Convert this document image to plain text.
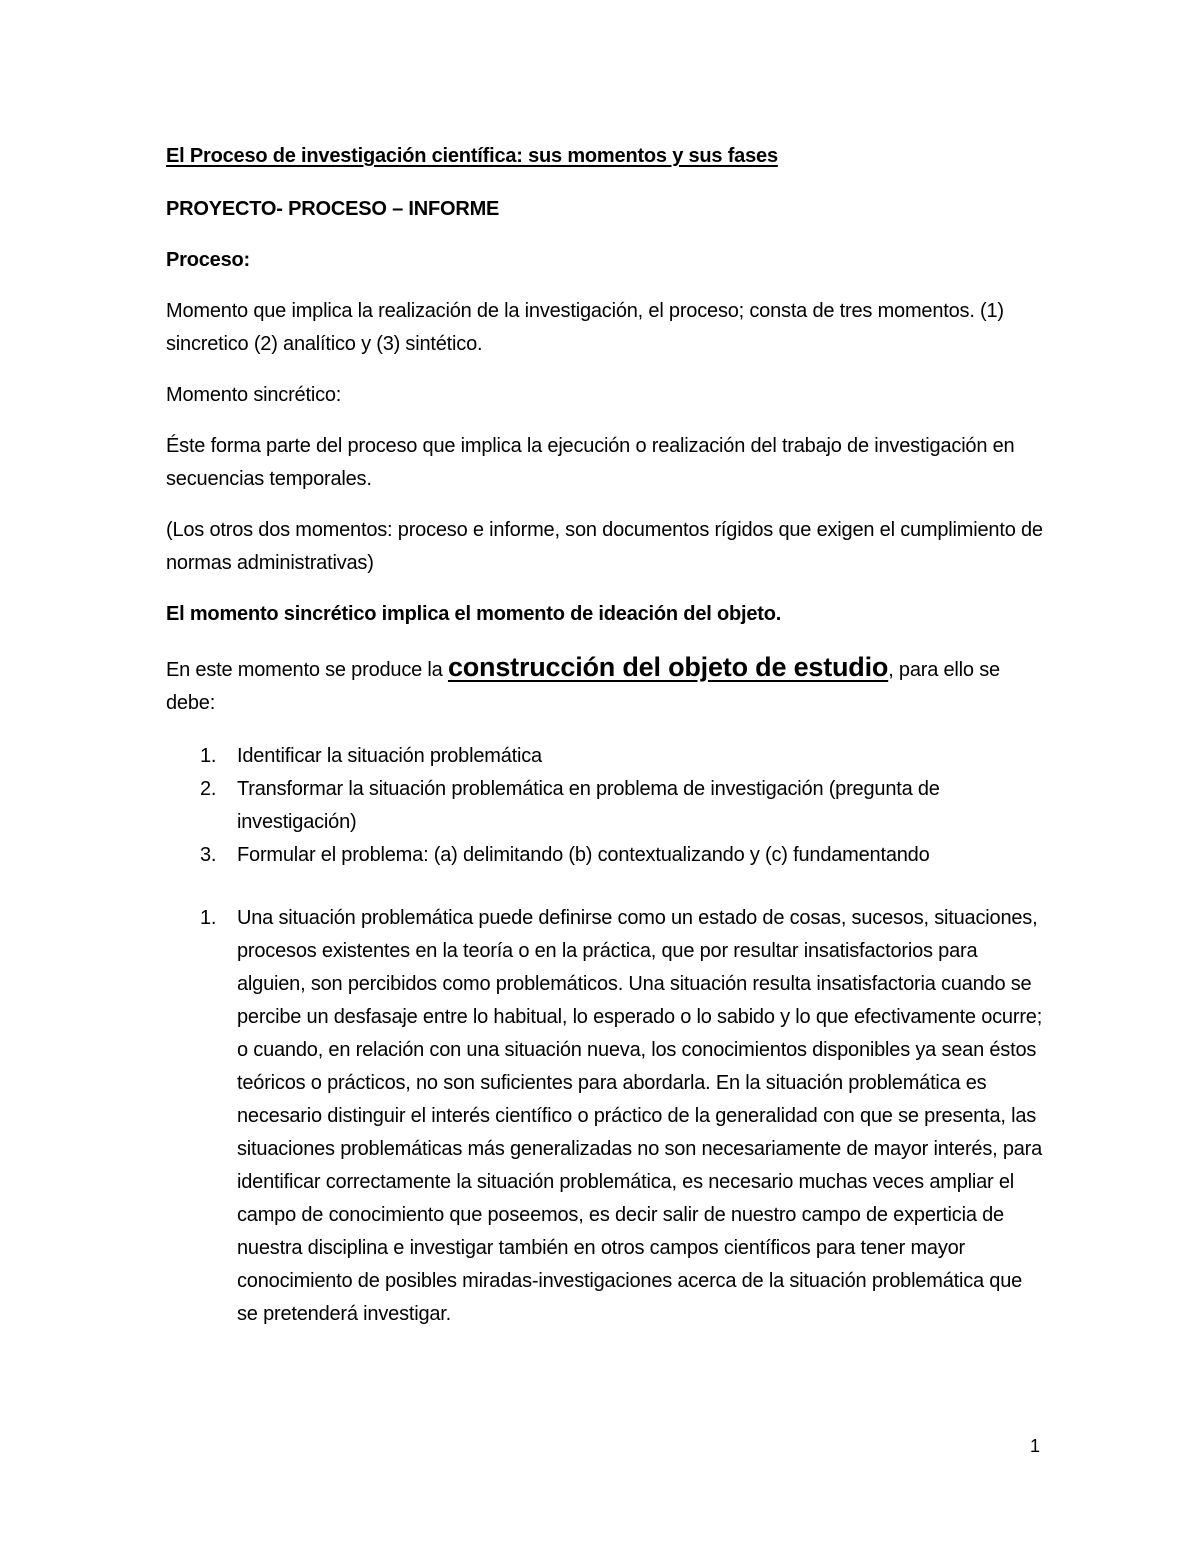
El Proceso de investigación científica: sus momentos y sus fases

PROYECTO- PROCESO – INFORME

Proceso:

Momento que implica la realización de la investigación, el proceso; consta de tres momentos. (1) sincretico (2) analítico y (3) sintético.

Momento sincrético:

Éste forma parte del proceso que implica la ejecución o realización del trabajo de investigación en secuencias temporales.

(Los otros dos momentos: proceso e informe, son documentos rígidos que exigen el cumplimiento de normas administrativas)

El momento sincrético implica el momento de ideación del objeto.

En este momento se produce la construcción del objeto de estudio, para ello se debe:

1. Identificar la situación problemática
2. Transformar la situación problemática en problema de investigación (pregunta de investigación)
3. Formular el problema: (a) delimitando (b) contextualizando y (c) fundamentando
1. Una situación problemática puede definirse como un estado de cosas, sucesos, situaciones, procesos existentes en la teoría o en la práctica, que por resultar insatisfactorios para alguien, son percibidos como problemáticos. Una situación resulta insatisfactoria cuando se percibe un desfasaje entre lo habitual, lo esperado o lo sabido y lo que efectivamente ocurre; o cuando, en relación con una situación nueva, los conocimientos disponibles ya sean éstos teóricos o prácticos, no son suficientes para abordarla. En la situación problemática es necesario distinguir el interés científico o práctico de la generalidad con que se presenta, las situaciones problemáticas más generalizadas no son necesariamente de mayor interés, para identificar correctamente la situación problemática, es necesario muchas veces ampliar el campo de conocimiento que poseemos, es decir salir de nuestro campo de experticia de nuestra disciplina e investigar también en otros campos científicos para tener mayor conocimiento de posibles miradas-investigaciones acerca de la situación problemática que se pretenderá investigar.
1
